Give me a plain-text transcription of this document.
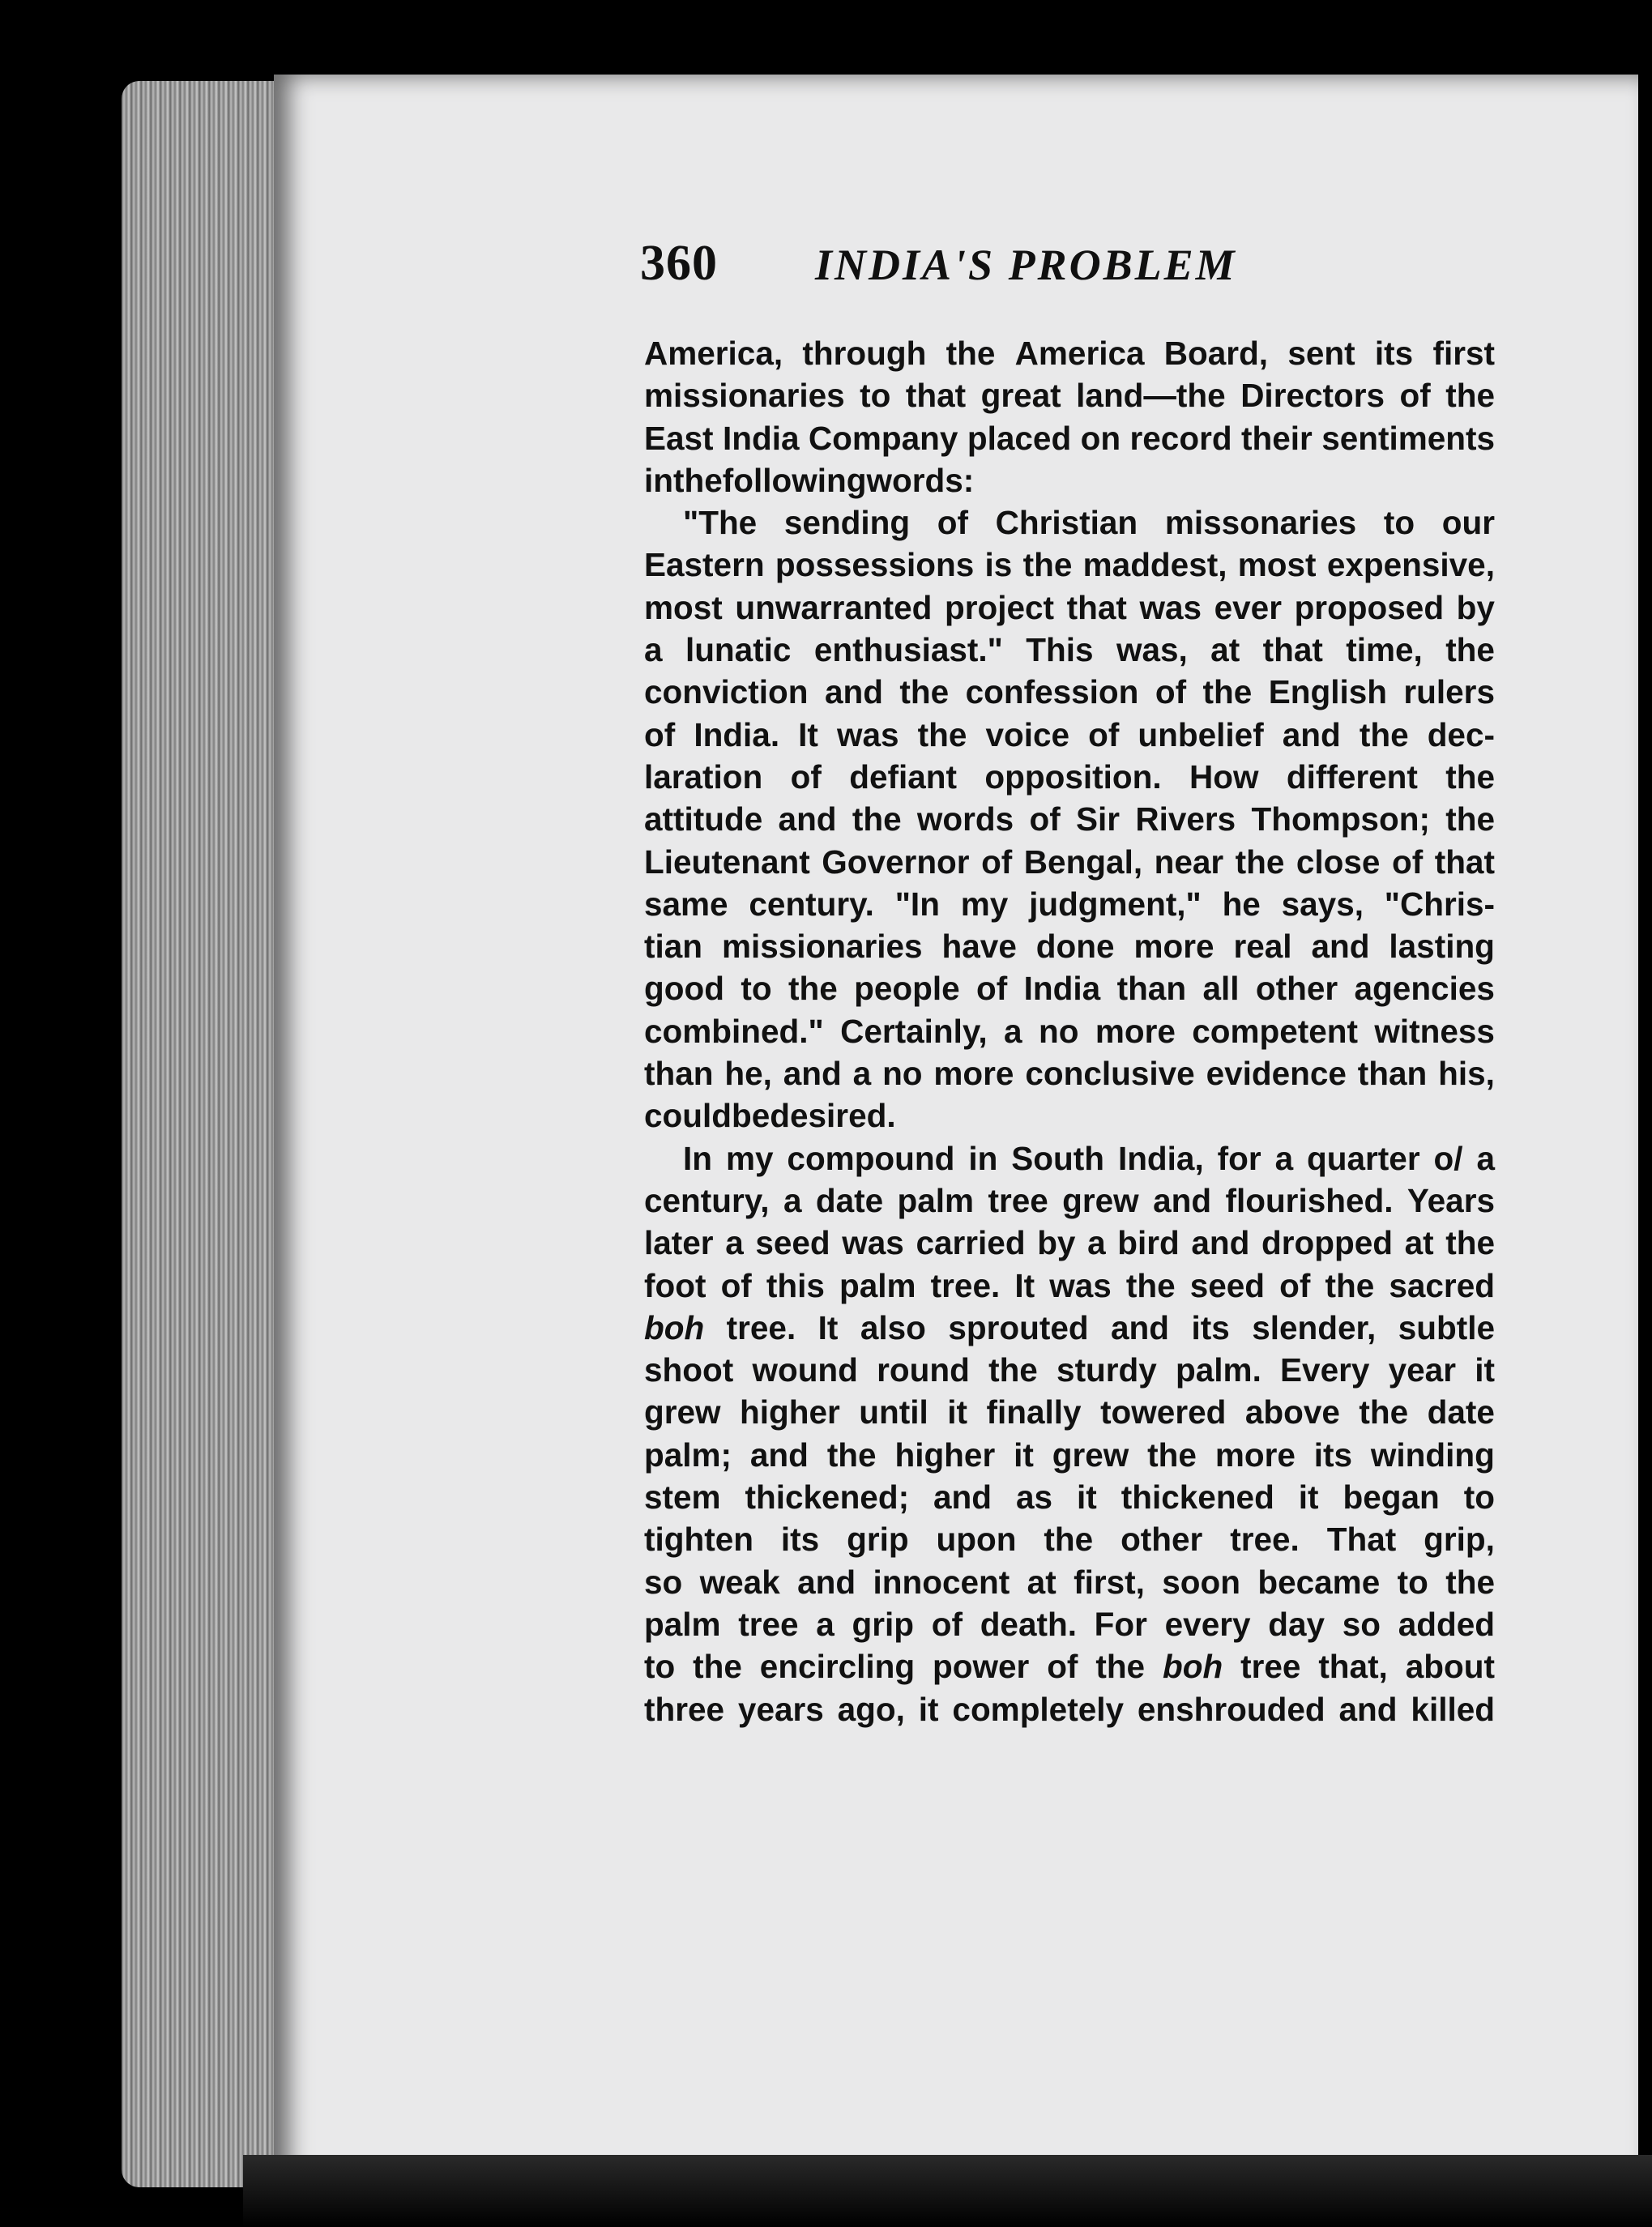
360 INDIA'S PROBLEM
America, through the America Board, sent its first
missionaries to that great land—the Directors of the
East India Company placed on record their sentiments
in the following words:
"The sending of Christian missonaries to our
Eastern possessions is the maddest, most expensive,
most unwarranted project that was ever proposed by
a lunatic enthusiast." This was, at that time, the
conviction and the confession of the English rulers
of India. It was the voice of unbelief and the dec-
laration of defiant opposition. How different the
attitude and the words of Sir Rivers Thompson; the
Lieutenant Governor of Bengal, near the close of that
same century. "In my judgment," he says, "Chris-
tian missionaries have done more real and lasting
good to the people of India than all other agencies
combined." Certainly, a no more competent witness
than he, and a no more conclusive evidence than his,
could be desired.
In my compound in South India, for a quarter o/ a
century, a date palm tree grew and flourished. Years
later a seed was carried by a bird and dropped at the
foot of this palm tree. It was the seed of the sacred
boh tree. It also sprouted and its slender, subtle
shoot wound round the sturdy palm. Every year it
grew higher until it finally towered above the date
palm; and the higher it grew the more its winding
stem thickened; and as it thickened it began to
tighten its grip upon the other tree. That grip,
so weak and innocent at first, soon became to the
palm tree a grip of death. For every day so added
to the encircling power of the boh tree that, about
three years ago, it completely enshrouded and killed
